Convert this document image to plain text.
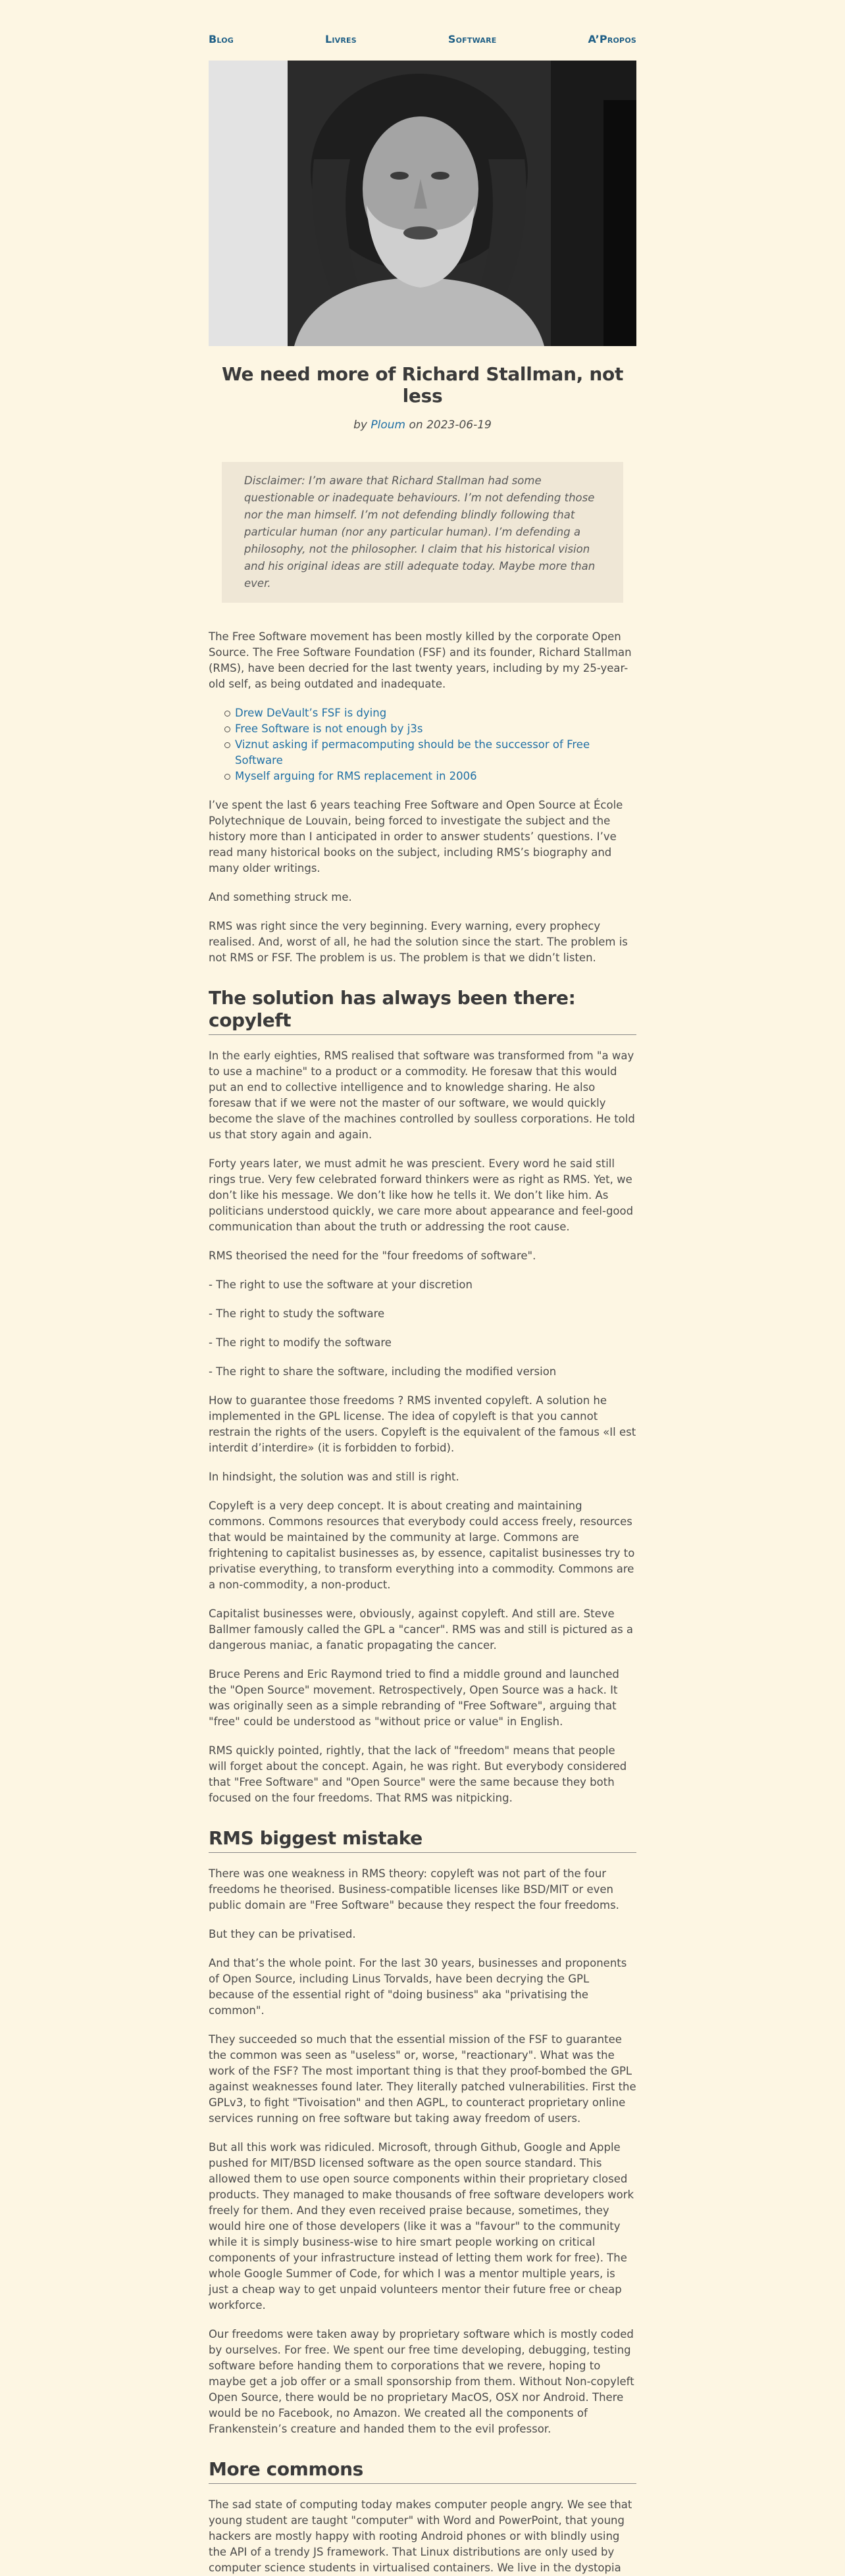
Blog	Livres	Software	A’Propos
We need more of Richard Stallman, not less
by Ploum on 2023-06-19
Disclaimer: I’m aware that Richard Stallman had some questionable or inadequate behaviours. I’m not defending those nor the man himself. I’m not defending blindly following that particular human (nor any particular human). I’m defending a philosophy, not the philosopher. I claim that his historical vision and his original ideas are still adequate today. Maybe more than ever.

The Free Software movement has been mostly killed by the corporate Open Source. The Free Software Foundation (FSF) and its founder, Richard Stallman (RMS), have been decried for the last twenty years, including by my 25-year-old self, as being outdated and inadequate.

Drew DeVault’s FSF is dying
Free Software is not enough by j3s
Viznut asking if permacomputing should be the successor of Free Software
Myself arguing for RMS replacement in 2006

I’ve spent the last 6 years teaching Free Software and Open Source at École Polytechnique de Louvain, being forced to investigate the subject and the history more than I anticipated in order to answer students’ questions. I’ve read many historical books on the subject, including RMS’s biography and many older writings.

And something struck me.

RMS was right since the very beginning. Every warning, every prophecy realised. And, worst of all, he had the solution since the start. The problem is not RMS or FSF. The problem is us. The problem is that we didn’t listen.

The solution has always been there: copyleft

In the early eighties, RMS realised that software was transformed from "a way to use a machine" to a product or a commodity. He foresaw that this would put an end to collective intelligence and to knowledge sharing. He also foresaw that if we were not the master of our software, we would quickly become the slave of the machines controlled by soulless corporations. He told us that story again and again.

Forty years later, we must admit he was prescient. Every word he said still rings true. Very few celebrated forward thinkers were as right as RMS. Yet, we don’t like his message. We don’t like how he tells it. We don’t like him. As politicians understood quickly, we care more about appearance and feel-good communication than about the truth or addressing the root cause.

RMS theorised the need for the "four freedoms of software".

- The right to use the software at your discretion

- The right to study the software

- The right to modify the software

- The right to share the software, including the modified version

How to guarantee those freedoms ? RMS invented copyleft. A solution he implemented in the GPL license. The idea of copyleft is that you cannot restrain the rights of the users. Copyleft is the equivalent of the famous «Il est interdit d’interdire» (it is forbidden to forbid).

In hindsight, the solution was and still is right.

Copyleft is a very deep concept. It is about creating and maintaining commons. Commons resources that everybody could access freely, resources that would be maintained by the community at large. Commons are frightening to capitalist businesses as, by essence, capitalist businesses try to privatise everything, to transform everything into a commodity. Commons are a non-commodity, a non-product.

Capitalist businesses were, obviously, against copyleft. And still are. Steve Ballmer famously called the GPL a "cancer". RMS was and still is pictured as a dangerous maniac, a fanatic propagating the cancer.

Bruce Perens and Eric Raymond tried to find a middle ground and launched the "Open Source" movement. Retrospectively, Open Source was a hack. It was originally seen as a simple rebranding of "Free Software", arguing that "free" could be understood as "without price or value" in English.

RMS quickly pointed, rightly, that the lack of "freedom" means that people will forget about the concept. Again, he was right. But everybody considered that "Free Software" and "Open Source" were the same because they both focused on the four freedoms. That RMS was nitpicking.

RMS biggest mistake

There was one weakness in RMS theory: copyleft was not part of the four freedoms he theorised. Business-compatible licenses like BSD/MIT or even public domain are "Free Software" because they respect the four freedoms.

But they can be privatised.

And that’s the whole point. For the last 30 years, businesses and proponents of Open Source, including Linus Torvalds, have been decrying the GPL because of the essential right of "doing business" aka "privatising the common".

They succeeded so much that the essential mission of the FSF to guarantee the common was seen as "useless" or, worse, "reactionary". What was the work of the FSF? The most important thing is that they proof-bombed the GPL against weaknesses found later. They literally patched vulnerabilities. First the GPLv3, to fight "Tivoisation" and then AGPL, to counteract proprietary online services running on free software but taking away freedom of users.

But all this work was ridiculed. Microsoft, through Github, Google and Apple pushed for MIT/BSD licensed software as the open source standard. This allowed them to use open source components within their proprietary closed products. They managed to make thousands of free software developers work freely for them. And they even received praise because, sometimes, they would hire one of those developers (like it was a "favour" to the community while it is simply business-wise to hire smart people working on critical components of your infrastructure instead of letting them work for free). The whole Google Summer of Code, for which I was a mentor multiple years, is just a cheap way to get unpaid volunteers mentor their future free or cheap workforce.

Our freedoms were taken away by proprietary software which is mostly coded by ourselves. For free. We spent our free time developing, debugging, testing software before handing them to corporations that we revere, hoping to maybe get a job offer or a small sponsorship from them. Without Non-copyleft Open Source, there would be no proprietary MacOS, OSX nor Android. There would be no Facebook, no Amazon. We created all the components of Frankenstein’s creature and handed them to the evil professor.

More commons

The sad state of computing today makes computer people angry. We see that young student are taught "computer" with Word and PowerPoint, that young hackers are mostly happy with rooting Android phones or with blindly using the API of a trendy JS framework. That Linux distributions are only used by computer science students in virtualised containers. We live in the dystopia
